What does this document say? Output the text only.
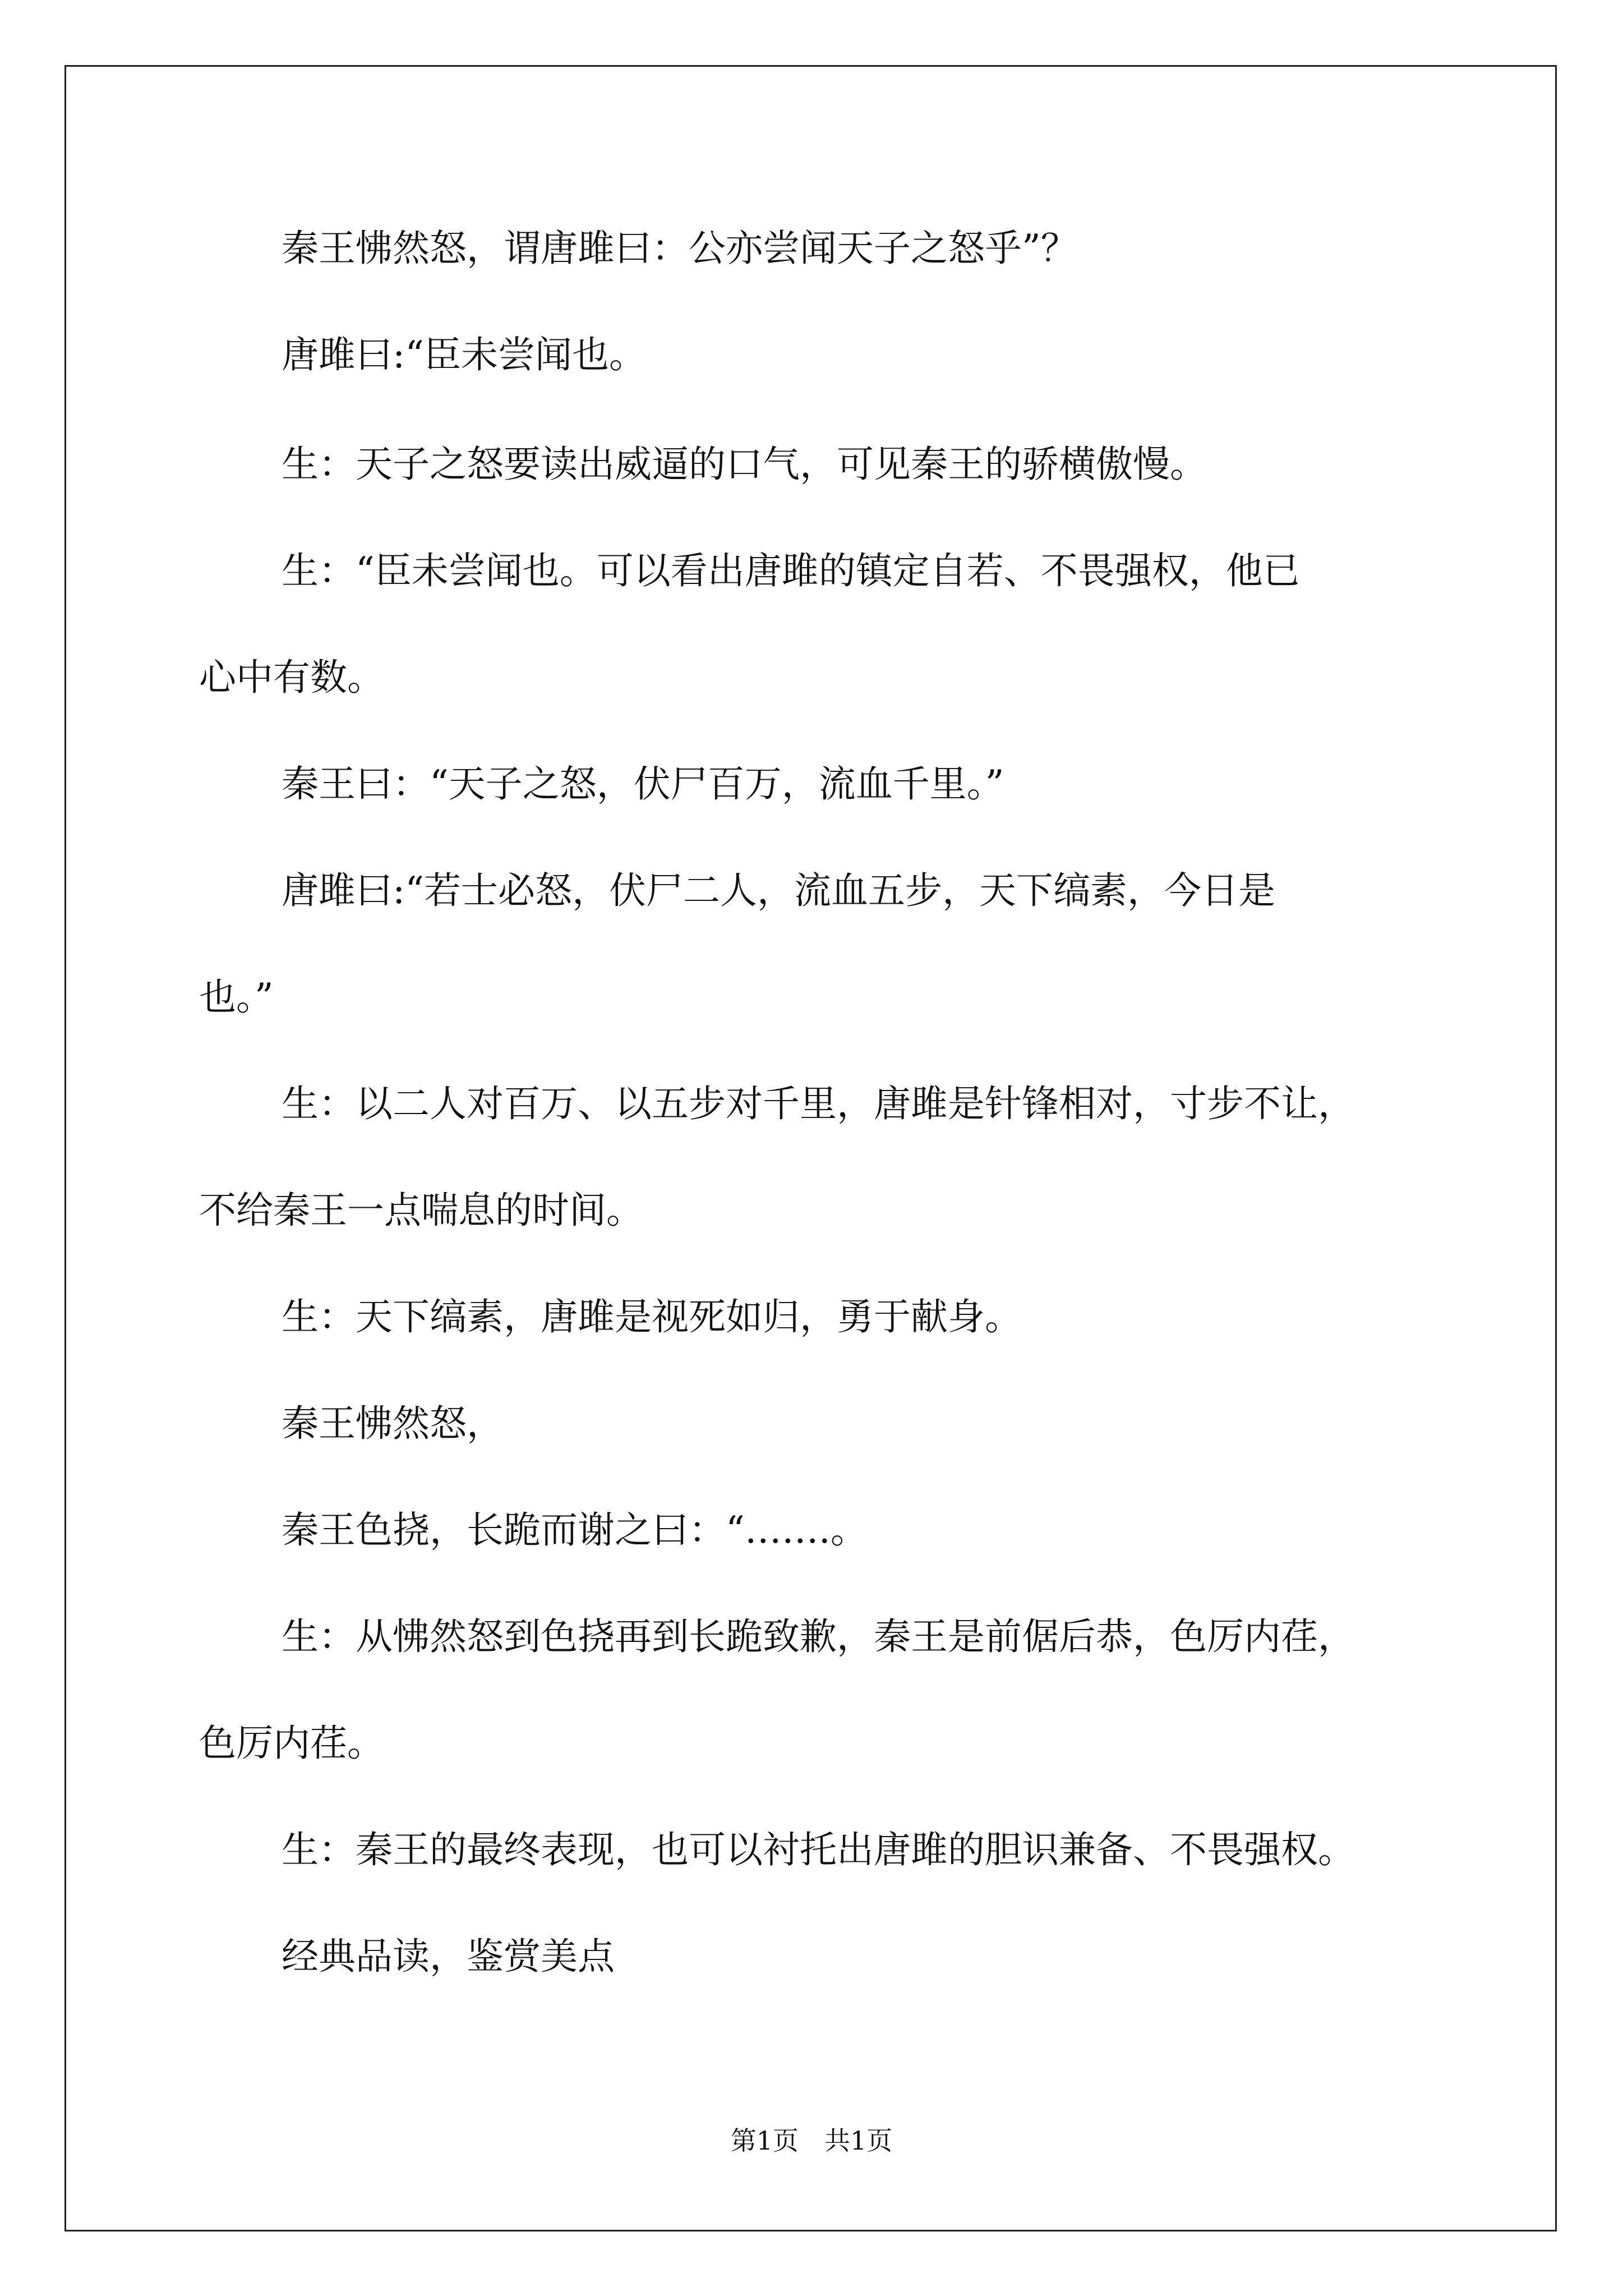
秦王怫然怒，谓唐雎曰：公亦尝闻天子之怒乎”？

唐雎曰:“臣未尝闻也。

生：天子之怒要读出威逼的口气，可见秦王的骄横傲慢。

生：“臣未尝闻也。可以看出唐雎的镇定自若、不畏强权，他已

心中有数。

秦王曰：“天子之怒，伏尸百万，流血千里。”

唐雎曰:“若士必怒，伏尸二人，流血五步，天下缟素，今日是

也。”

生：以二人对百万、以五步对千里，唐雎是针锋相对，寸步不让，

不给秦王一点喘息的时间。

生：天下缟素，唐雎是视死如归，勇于献身。

秦王怫然怒，

秦王色挠，长跪而谢之曰：“…….。

生：从怫然怒到色挠再到长跪致歉，秦王是前倨后恭，色厉内荏，

色厉内荏。

生：秦王的最终表现，也可以衬托出唐雎的胆识兼备、不畏强权。

经典品读，鉴赏美点

第1页　共1页
